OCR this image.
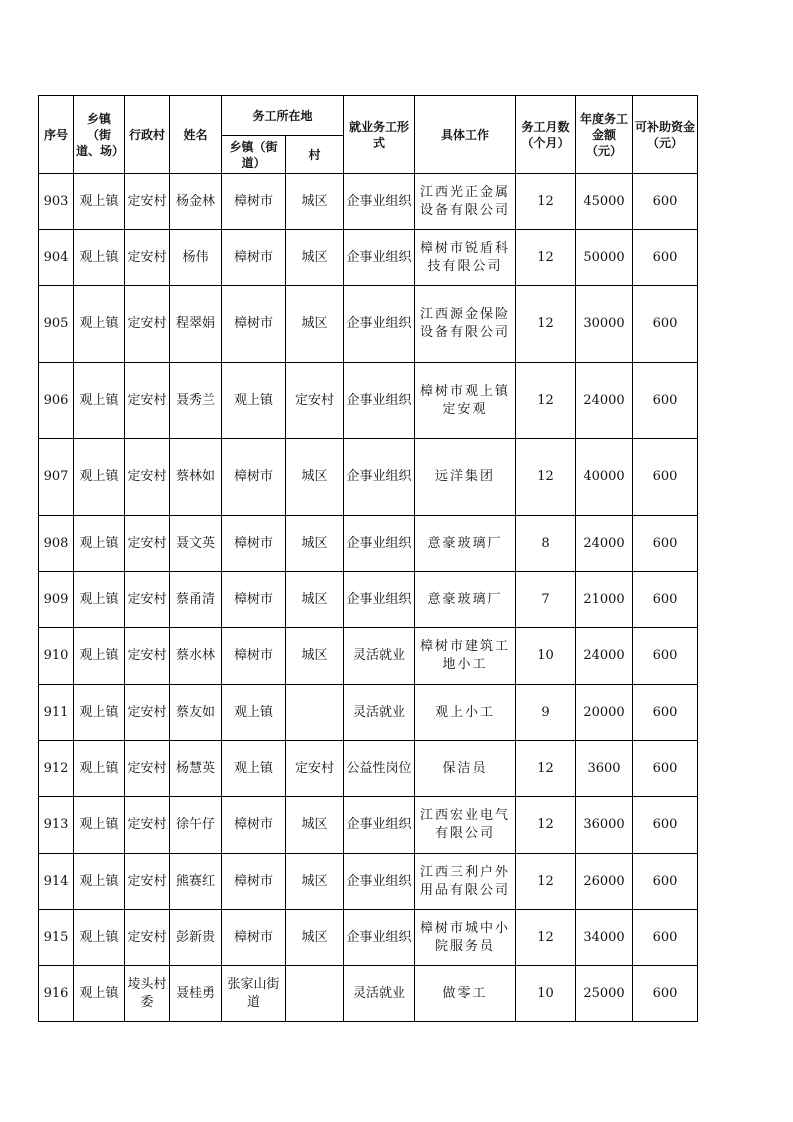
序号	乡镇（街道、场）	行政村	姓名	务工所在地		就业务工形式	具体工作	务工月数（个月）	年度务工金额（元）	可补助资金（元）
				乡镇（街道）	村					
903	观上镇	定安村	杨金林	樟树市	城区	企事业组织	江西光正金属设备有限公司	12	45000	600
904	观上镇	定安村	杨伟	樟树市	城区	企事业组织	樟树市锐盾科技有限公司	12	50000	600
905	观上镇	定安村	程翠娟	樟树市	城区	企事业组织	江西源金保险设备有限公司	12	30000	600
906	观上镇	定安村	聂秀兰	观上镇	定安村	企事业组织	樟树市观上镇定安观	12	24000	600
907	观上镇	定安村	蔡林如	樟树市	城区	企事业组织	远洋集团	12	40000	600
908	观上镇	定安村	聂文英	樟树市	城区	企事业组织	意豪玻璃厂	8	24000	600
909	观上镇	定安村	蔡甬清	樟树市	城区	企事业组织	意豪玻璃厂	7	21000	600
910	观上镇	定安村	蔡水林	樟树市	城区	灵活就业	樟树市建筑工地小工	10	24000	600
911	观上镇	定安村	蔡友如	观上镇		灵活就业	观上小工	9	20000	600
912	观上镇	定安村	杨慧英	观上镇	定安村	公益性岗位	保洁员	12	3600	600
913	观上镇	定安村	徐午仔	樟树市	城区	企事业组织	江西宏业电气有限公司	12	36000	600
914	观上镇	定安村	熊赛红	樟树市	城区	企事业组织	江西三利户外用品有限公司	12	26000	600
915	观上镇	定安村	彭新贵	樟树市	城区	企事业组织	樟树市城中小院服务员	12	34000	600
916	观上镇	堎头村委	聂桂勇	张家山街道		灵活就业	做零工	10	25000	600
